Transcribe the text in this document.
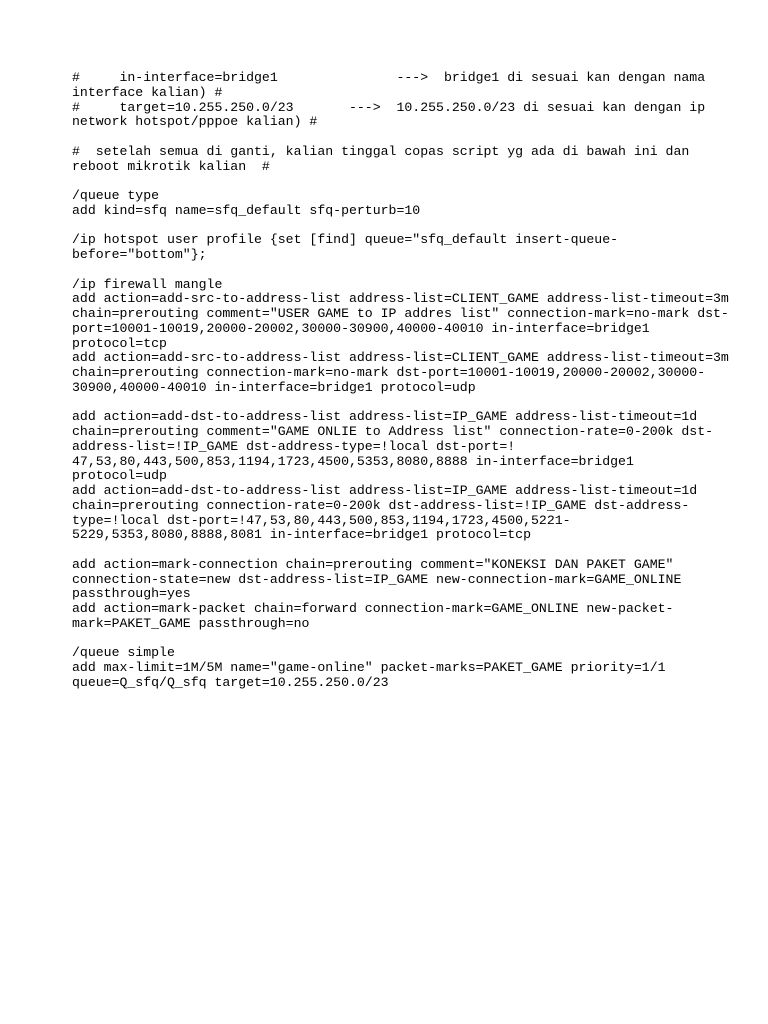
#     in-interface=bridge1               --->  bridge1 di sesuai kan dengan nama
interface kalian) #
#     target=10.255.250.0/23       --->  10.255.250.0/23 di sesuai kan dengan ip
network hotspot/pppoe kalian) #
#  setelah semua di ganti, kalian tinggal copas script yg ada di bawah ini dan
reboot mikrotik kalian  #
/queue type
add kind=sfq name=sfq_default sfq-perturb=10
/ip hotspot user profile {set [find] queue="sfq_default insert-queue-
before="bottom"};
/ip firewall mangle
add action=add-src-to-address-list address-list=CLIENT_GAME address-list-timeout=3m
chain=prerouting comment="USER GAME to IP addres list" connection-mark=no-mark dst-
port=10001-10019,20000-20002,30000-30900,40000-40010 in-interface=bridge1
protocol=tcp
add action=add-src-to-address-list address-list=CLIENT_GAME address-list-timeout=3m
chain=prerouting connection-mark=no-mark dst-port=10001-10019,20000-20002,30000-
30900,40000-40010 in-interface=bridge1 protocol=udp
add action=add-dst-to-address-list address-list=IP_GAME address-list-timeout=1d
chain=prerouting comment="GAME ONLIE to Address list" connection-rate=0-200k dst-
address-list=!IP_GAME dst-address-type=!local dst-port=!
47,53,80,443,500,853,1194,1723,4500,5353,8080,8888 in-interface=bridge1
protocol=udp
add action=add-dst-to-address-list address-list=IP_GAME address-list-timeout=1d
chain=prerouting connection-rate=0-200k dst-address-list=!IP_GAME dst-address-
type=!local dst-port=!47,53,80,443,500,853,1194,1723,4500,5221-
5229,5353,8080,8888,8081 in-interface=bridge1 protocol=tcp
add action=mark-connection chain=prerouting comment="KONEKSI DAN PAKET GAME"
connection-state=new dst-address-list=IP_GAME new-connection-mark=GAME_ONLINE
passthrough=yes
add action=mark-packet chain=forward connection-mark=GAME_ONLINE new-packet-
mark=PAKET_GAME passthrough=no
/queue simple
add max-limit=1M/5M name="game-online" packet-marks=PAKET_GAME priority=1/1
queue=Q_sfq/Q_sfq target=10.255.250.0/23
